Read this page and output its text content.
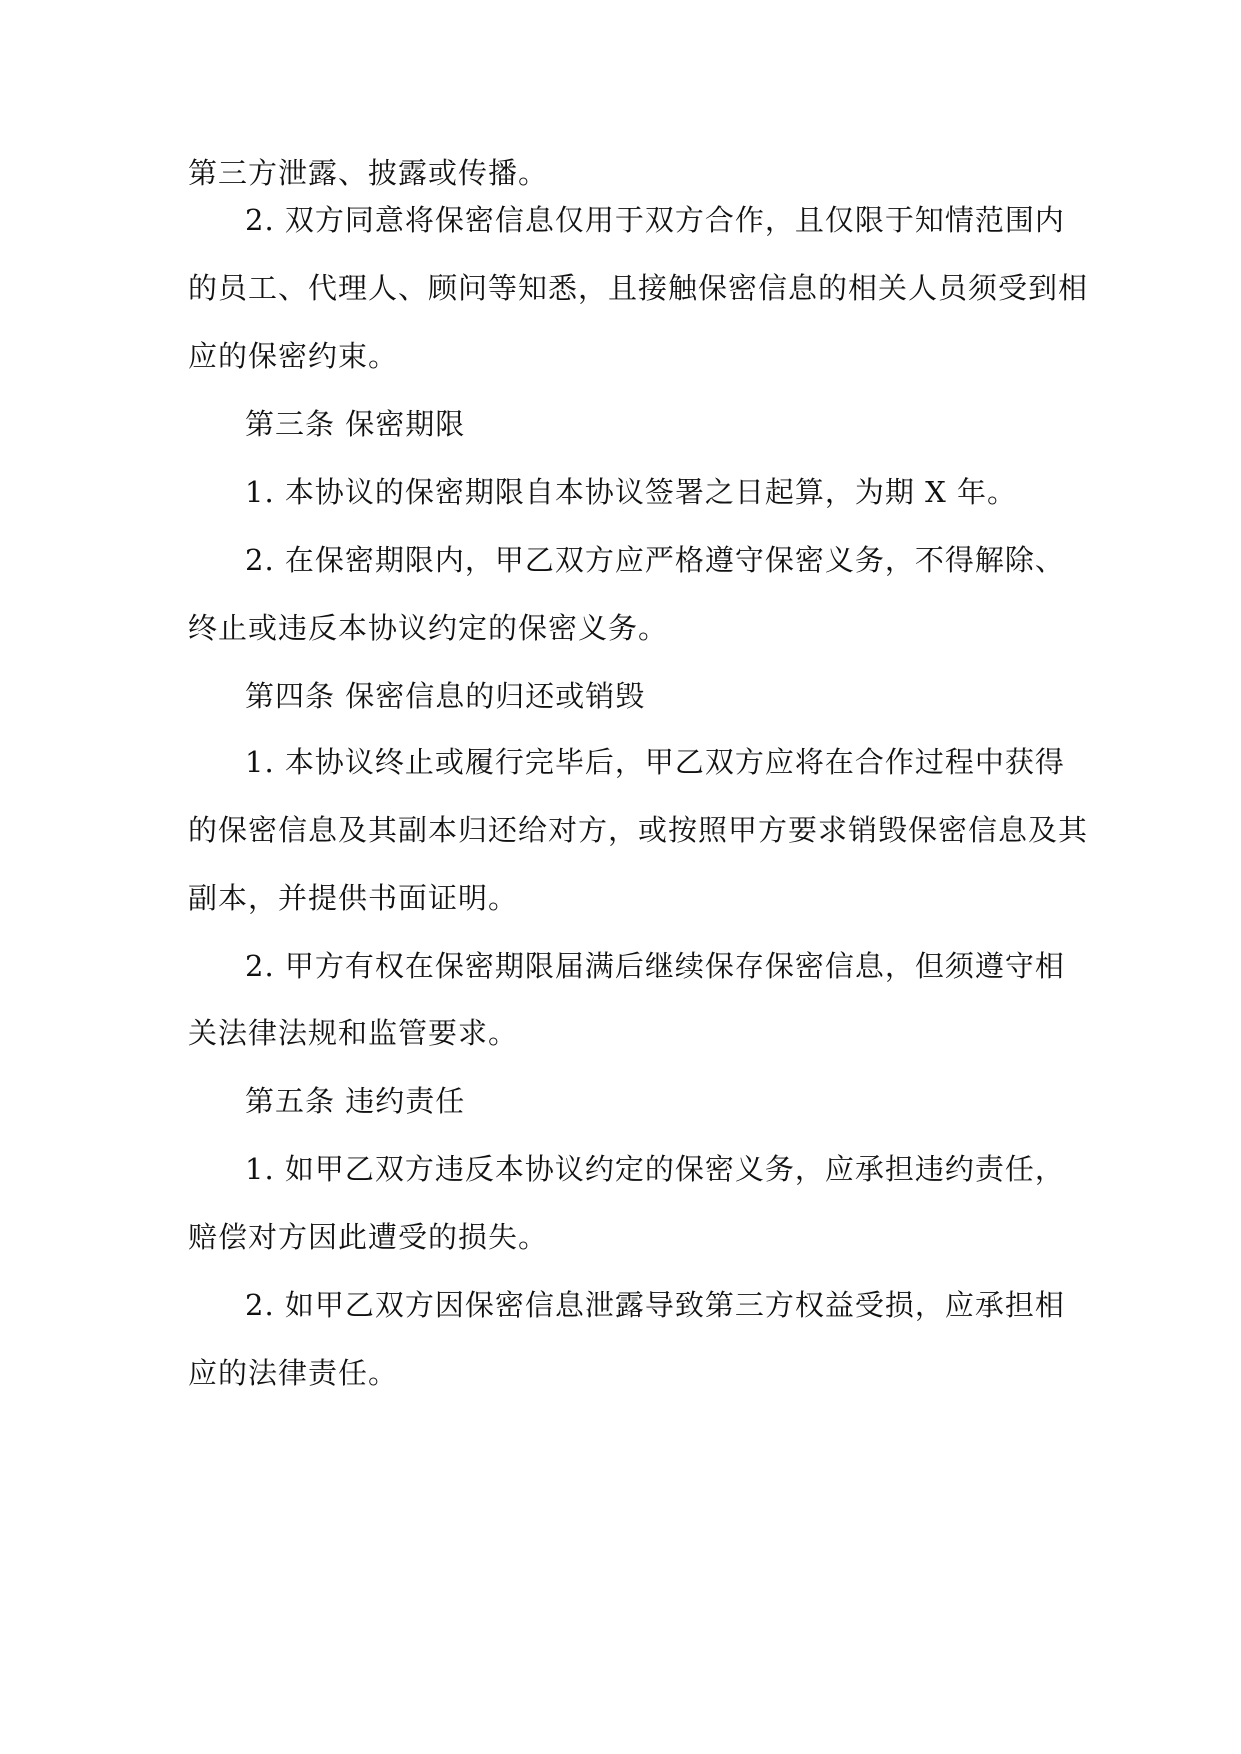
第三方泄露、披露或传播。
2. 双方同意将保密信息仅用于双方合作，且仅限于知情范围内
的员工、代理人、顾问等知悉，且接触保密信息的相关人员须受到相
应的保密约束。
第三条 保密期限
1. 本协议的保密期限自本协议签署之日起算，为期 X 年。
2. 在保密期限内，甲乙双方应严格遵守保密义务，不得解除、
终止或违反本协议约定的保密义务。
第四条 保密信息的归还或销毁
1. 本协议终止或履行完毕后，甲乙双方应将在合作过程中获得
的保密信息及其副本归还给对方，或按照甲方要求销毁保密信息及其
副本，并提供书面证明。
2. 甲方有权在保密期限届满后继续保存保密信息，但须遵守相
关法律法规和监管要求。
第五条 违约责任
1. 如甲乙双方违反本协议约定的保密义务，应承担违约责任，
赔偿对方因此遭受的损失。
2. 如甲乙双方因保密信息泄露导致第三方权益受损，应承担相
应的法律责任。
